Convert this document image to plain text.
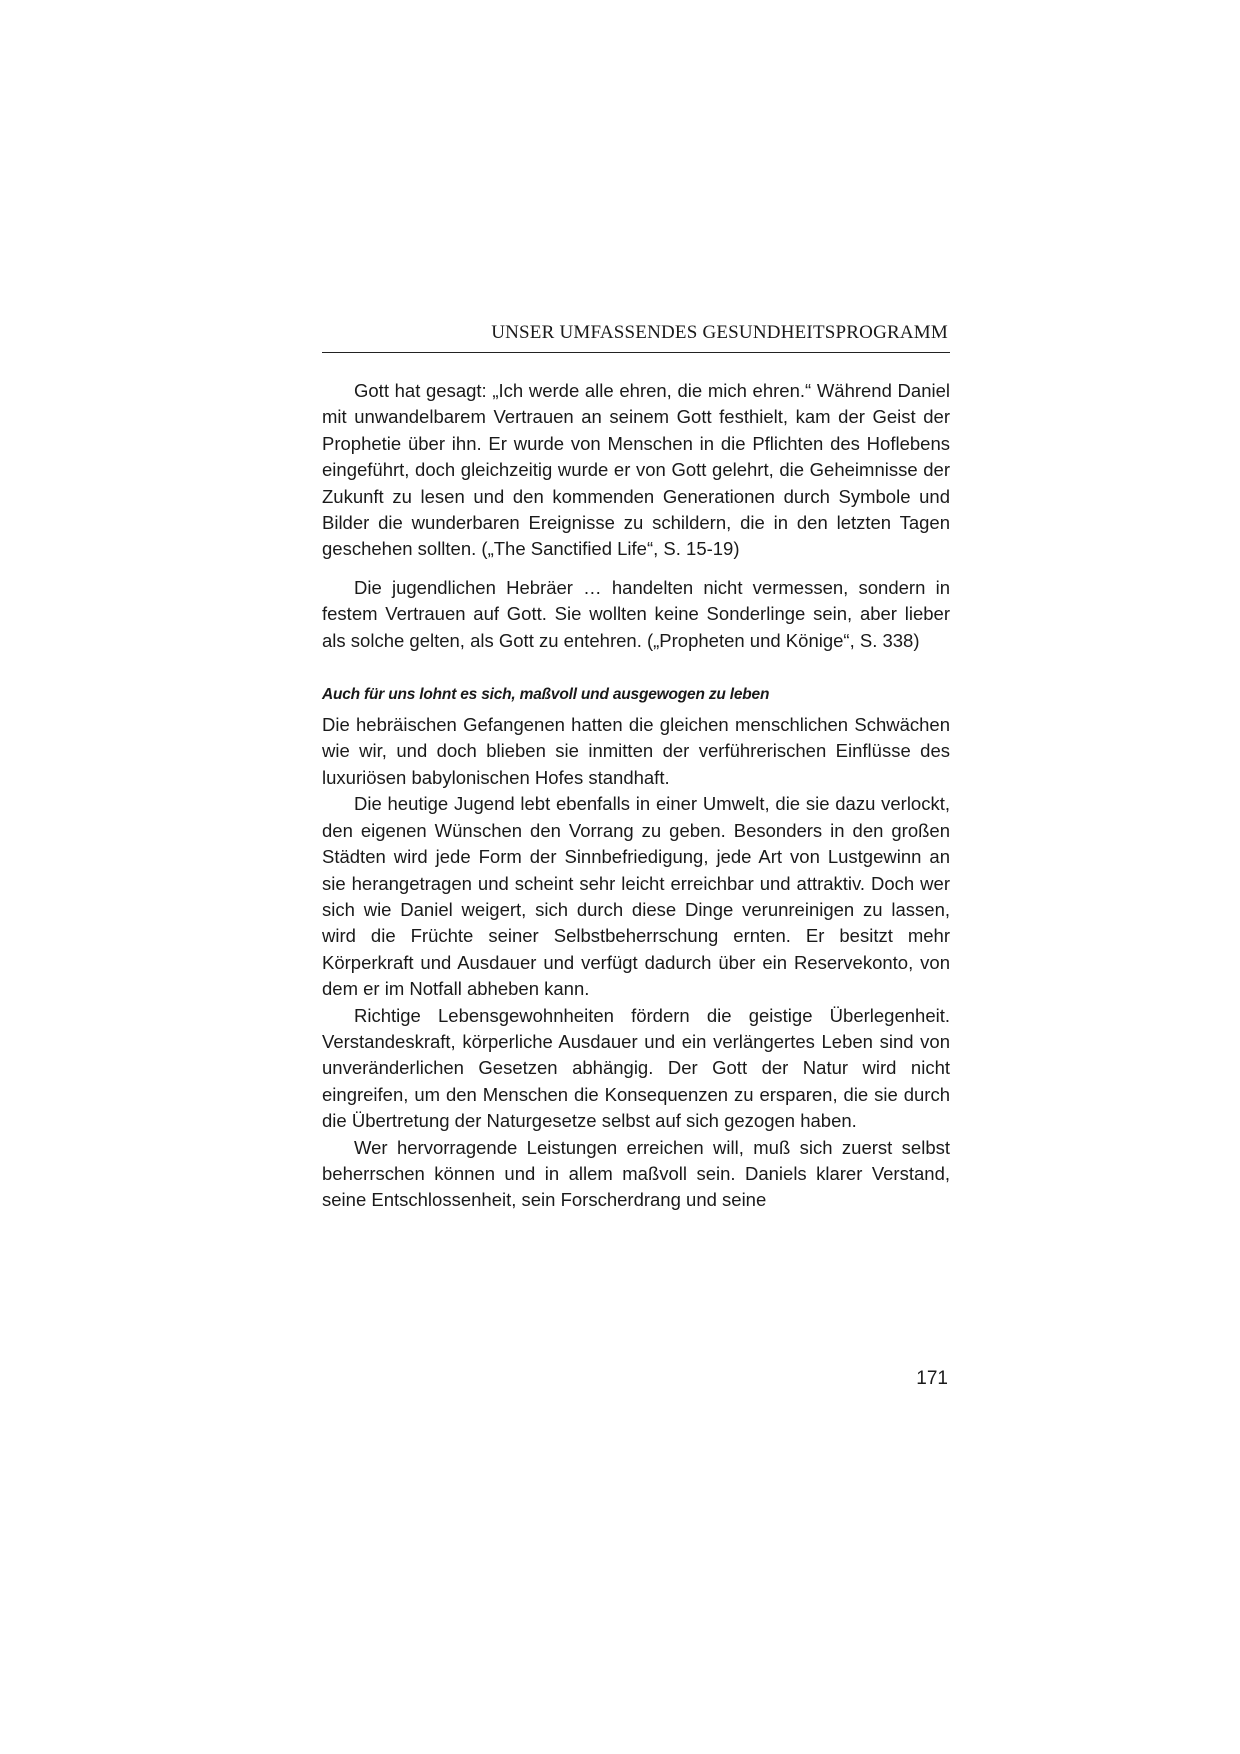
UNSER UMFASSENDES GESUNDHEITSPROGRAMM

Gott hat gesagt: „Ich werde alle ehren, die mich ehren.“ Während Daniel mit unwandelbarem Vertrauen an seinem Gott festhielt, kam der Geist der Prophetie über ihn. Er wurde von Menschen in die Pflichten des Hoflebens eingeführt, doch gleichzeitig wurde er von Gott gelehrt, die Geheimnisse der Zukunft zu lesen und den kommenden Generationen durch Symbole und Bilder die wunderbaren Ereignisse zu schildern, die in den letzten Tagen geschehen sollten. („The Sanctified Life“, S. 15-19)

Die jugendlichen Hebräer … handelten nicht vermessen, sondern in festem Vertrauen auf Gott. Sie wollten keine Sonderlinge sein, aber lieber als solche gelten, als Gott zu entehren. („Propheten und Könige“, S. 338)

Auch für uns lohnt es sich, maßvoll und ausgewogen zu leben

Die hebräischen Gefangenen hatten die gleichen menschlichen Schwächen wie wir, und doch blieben sie inmitten der verführerischen Einflüsse des luxuriösen babylonischen Hofes standhaft.

Die heutige Jugend lebt ebenfalls in einer Umwelt, die sie dazu verlockt, den eigenen Wünschen den Vorrang zu geben. Besonders in den großen Städten wird jede Form der Sinnbefriedigung, jede Art von Lustgewinn an sie herangetragen und scheint sehr leicht erreichbar und attraktiv. Doch wer sich wie Daniel weigert, sich durch diese Dinge verunreinigen zu lassen, wird die Früchte seiner Selbstbeherrschung ernten. Er besitzt mehr Körperkraft und Ausdauer und verfügt dadurch über ein Reservekonto, von dem er im Notfall abheben kann.

Richtige Lebensgewohnheiten fördern die geistige Überlegenheit. Verstandeskraft, körperliche Ausdauer und ein verlängertes Leben sind von unveränderlichen Gesetzen abhängig. Der Gott der Natur wird nicht eingreifen, um den Menschen die Konsequenzen zu ersparen, die sie durch die Übertretung der Naturgesetze selbst auf sich gezogen haben.

Wer hervorragende Leistungen erreichen will, muß sich zuerst selbst beherrschen können und in allem maßvoll sein. Daniels klarer Verstand, seine Entschlossenheit, sein Forscherdrang und seine

171
